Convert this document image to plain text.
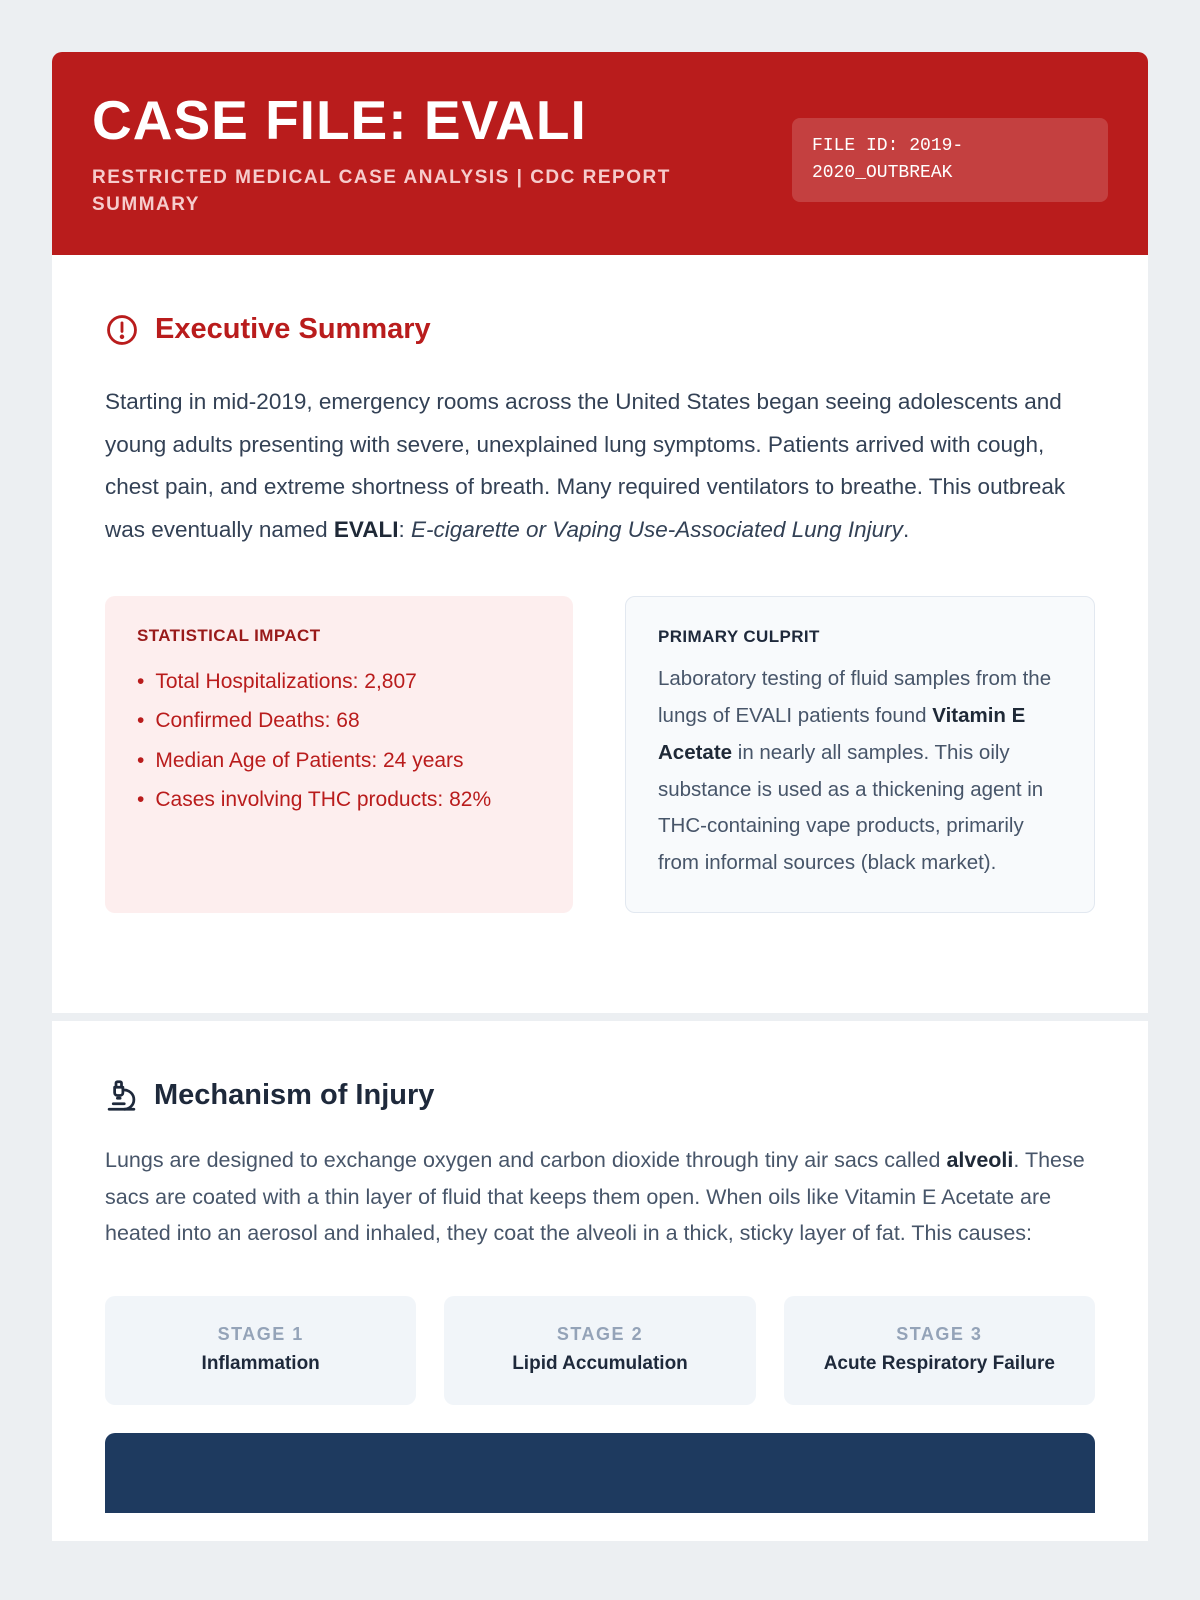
CASE FILE: EVALI
RESTRICTED MEDICAL CASE ANALYSIS | CDC REPORT SUMMARY
FILE ID: 2019-2020_OUTBREAK
Executive Summary

Starting in mid-2019, emergency rooms across the United States began seeing adolescents and young adults presenting with severe, unexplained lung symptoms. Patients arrived with cough, chest pain, and extreme shortness of breath. Many required ventilators to breathe. This outbreak was eventually named EVALI: E-cigarette or Vaping Use-Associated Lung Injury.

STATISTICAL IMPACT
• Total Hospitalizations: 2,807
• Confirmed Deaths: 68
• Median Age of Patients: 24 years
• Cases involving THC products: 82%
PRIMARY CULPRIT

Laboratory testing of fluid samples from the lungs of EVALI patients found Vitamin E Acetate in nearly all samples. This oily substance is used as a thickening agent in THC-containing vape products, primarily from informal sources (black market).

Mechanism of Injury

Lungs are designed to exchange oxygen and carbon dioxide through tiny air sacs called alveoli. These sacs are coated with a thin layer of fluid that keeps them open. When oils like Vitamin E Acetate are heated into an aerosol and inhaled, they coat the alveoli in a thick, sticky layer of fat. This causes:

STAGE 1
Inflammation
STAGE 2
Lipid Accumulation
STAGE 3
Acute Respiratory Failure
